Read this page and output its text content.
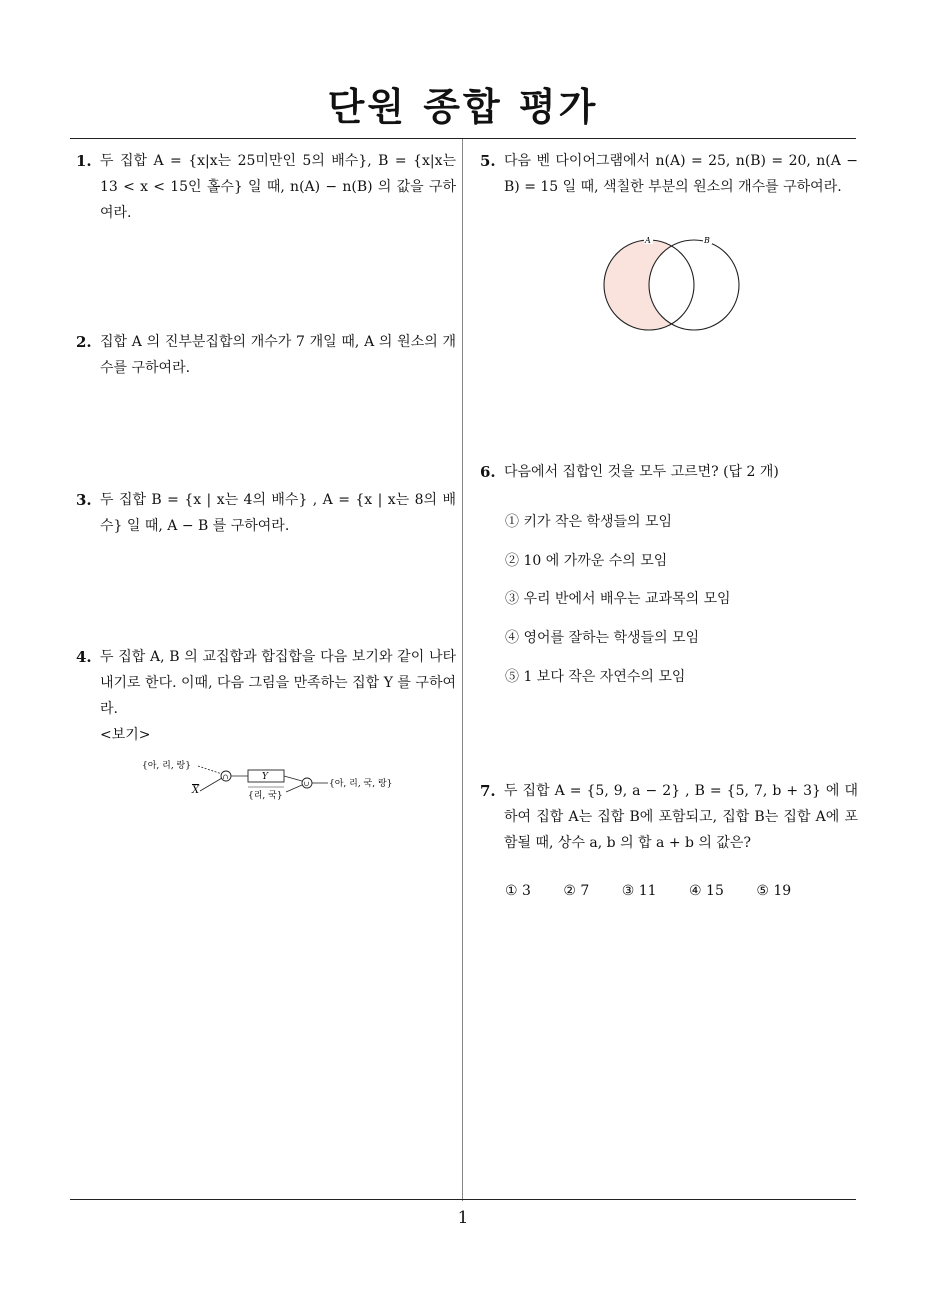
단원 종합 평가
1. 두 집합 A = {x|x는 25미만인 5의 배수}, B = {x|x는 13 < x < 15인 홀수} 일 때, n(A) − n(B) 의 값을 구하여라.
2. 집합 A 의 진부분집합의 개수가 7 개일 때, A 의 원소의 개수를 구하여라.
3. 두 집합 B = {x | x는 4의 배수} , A = {x | x는 8의 배수} 일 때, A − B 를 구하여라.
4. 두 집합 A, B 의 교집합과 합집합을 다음 보기와 같이 나타내기로 한다. 이때, 다음 그림을 만족하는 집합 Y 를 구하여라.
<보기>
{아, 리, 랑}
X
∩	Y
{리, 국}
∪ {아, 리, 국, 랑}
5. 다음 벤 다이어그램에서 n(A) = 25, n(B) = 20, n(A − B) = 15 일 때, 색칠한 부분의 원소의 개수를 구하여라.
A	B
6. 다음에서 집합인 것을 모두 고르면? (답 2 개)
① 키가 작은 학생들의 모임
② 10 에 가까운 수의 모임
③ 우리 반에서 배우는 교과목의 모임
④ 영어를 잘하는 학생들의 모임
⑤ 1 보다 작은 자연수의 모임
7. 두 집합 A = {5, 9, a − 2} , B = {5, 7, b + 3} 에 대하여 집합 A는 집합 B에 포함되고, 집합 B는 집합 A에 포함될 때, 상수 a, b 의 합 a + b 의 값은?
① 3 ② 7 ③ 11 ④ 15 ⑤ 19
1
